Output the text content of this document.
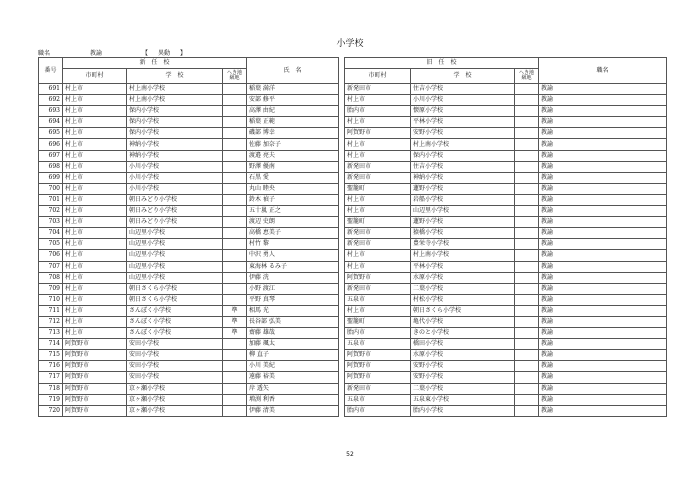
小学校
職名	教諭	【 異動 】
番号	新　任　校			氏　名		旧　任　校			職名
	市町村	学　校	へき地
級地			市町村	学　校	へき地
級地	
691	村上市	村上南小学校		稲葉 満洋		新発田市	住吉小学校		教諭
692	村上市	村上南小学校		安部 修平		村上市	小川小学校		教諭
693	村上市	保内小学校		高澤 由紀		胎内市	懐原小学校		教諭
694	村上市	保内小学校		稲葉 正範		村上市	平林小学校		教諭
695	村上市	保内小学校		磯部 博幸		阿賀野市	安野小学校		教諭
696	村上市	神納小学校		佐藤 加奈子		村上市	村上南小学校		教諭
697	村上市	神納小学校		渡邉 亮夫		村上市	保内小学校		教諭
698	村上市	小川小学校		野澤 優南		新発田市	住吉小学校		教諭
699	村上市	小川小学校		石黒 愛		新発田市	神納小学校		教諭
700	村上市	小川小学校		丸山 睦央		聖籠町	蓮野小学校		教諭
701	村上市	朝日みどり小学校		鈴木 禎子		村上市	岩船小学校		教諭
702	村上市	朝日みどり小学校		五十嵐 正之		村上市	山辺里小学校		教諭
703	村上市	朝日みどり小学校		渡辺 史朗		聖籠町	蓮野小学校		教諭
704	村上市	山辺里小学校		高橋 恵美子		新発田市	猿橋小学校		教諭
705	村上市	山辺里小学校		村竹 黎		新発田市	豊栄寺小学校		教諭
706	村上市	山辺里小学校		中沢 勇人		村上市	村上南小学校		教諭
707	村上市	山辺里小学校		東海林 るみ子		村上市	平林小学校		教諭
708	村上市	山辺里小学校		伊藤 洸		阿賀野市	水原小学校		教諭
709	村上市	朝日さくら小学校		小野 渡江		新発田市	二葉小学校		教諭
710	村上市	朝日さくら小学校		平野 真琴		五泉市	村松小学校		教諭
711	村上市	さんぽく小学校	準	相馬 光		村上市	朝日さくら小学校		教諭
712	村上市	さんぽく小学校	準	長谷部 弘美		聖籠町	亀代小学校		教諭
713	村上市	さんぽく小学校	準	齋藤 雄哉		胎内市	きのと小学校		教諭
714	阿賀野市	安田小学校		加藤 颯太		五泉市	橋田小学校		教諭
715	阿賀野市	安田小学校		柳 直子		阿賀野市	水原小学校		教諭
716	阿賀野市	安田小学校		小川 美紀		阿賀野市	安野小学校		教諭
717	阿賀野市	安田小学校		遠藤 裕美		阿賀野市	安野小学校		教諭
718	阿賀野市	京ヶ瀬小学校		岸 透矢		新発田市	二葉小学校		教諭
719	阿賀野市	京ヶ瀬小学校		増渕 利香		五泉市	五泉東小学校		教諭
720	阿賀野市	京ヶ瀬小学校		伊藤 清美		胎内市	胎内小学校		教諭
52
